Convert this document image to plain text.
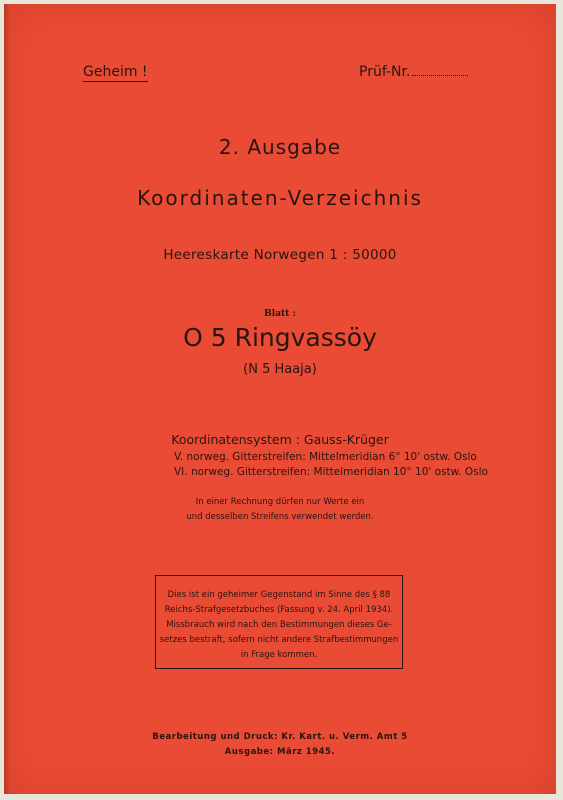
Geheim !	Prüf-Nr.
2. Ausgabe
Koordinaten-Verzeichnis
Heereskarte Norwegen 1 : 50000
Blatt :
O 5 Ringvassöy
(N 5 Haaja)
Koordinatensystem : Gauss-Krüger
V. norweg. Gitterstreifen: Mittelmeridian 6° 10' ostw. Oslo
VI. norweg. Gitterstreifen: Mittelmeridian 10° 10' ostw. Oslo
In einer Rechnung dürfen nur Werte ein
und desselben Streifens verwendet werden.
Dies ist ein geheimer Gegenstand im Sinne des § 88
Reichs-Strafgesetzbuches (Fassung v. 24. April 1934).
Missbrauch wird nach den Bestimmungen dieses Ge-
setzes bestraft, sofern nicht andere Strafbestimmungen
in Frage kommen.
Bearbeitung und Druck: Kr. Kart. u. Verm. Amt 5
Ausgabe: März 1945.
